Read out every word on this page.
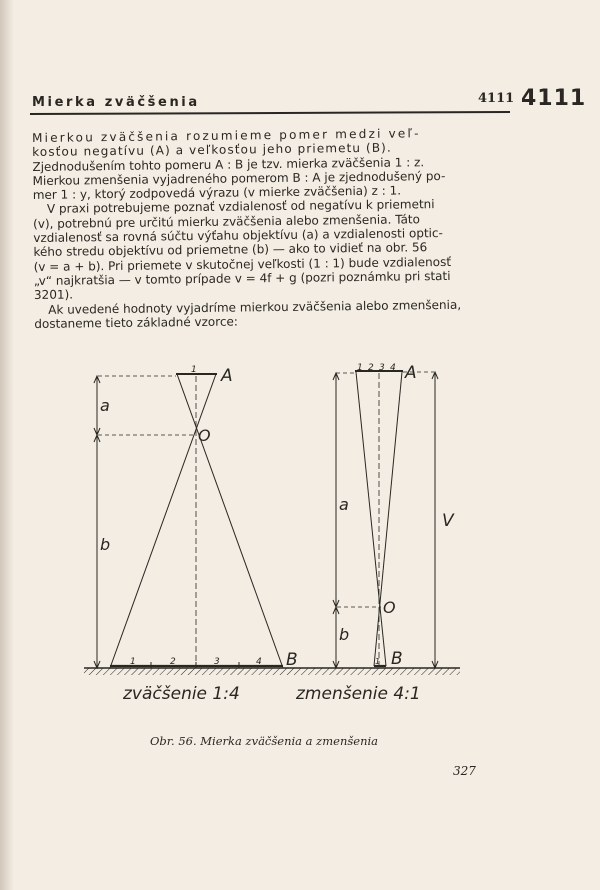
Mierka zväčšenia	4111 4111

Mierkou zväčšenia rozumieme pomer medzi veľ-
kosťou negatívu (A) a veľkosťou jeho priemetu (B).
Zjednodušením tohto pomeru A : B je tzv. mierka zväčšenia 1 : z.
Mierkou zmenšenia vyjadreného pomerom B : A je zjednodušený po-
mer 1 : y, ktorý zodpovedá výrazu (v mierke zväčšenia) z : 1.

V praxi potrebujeme poznať vzdialenosť od negatívu k priemetni
(v), potrebnú pre určitú mierku zväčšenia alebo zmenšenia. Táto
vzdialenosť sa rovná súčtu výťahu objektívu (a) a vzdialenosti optic-
kého stredu objektívu od priemetne (b) — ako to vidieť na obr. 56
(v = a + b). Pri priemete v skutočnej veľkosti (1 : 1) bude vzdialenosť
„v“ najkratšia — v tomto prípade v = 4f + g (pozri poznámku pri stati
3201).

Ak uvedené hodnoty vyjadríme mierkou zväčšenia alebo zmenšenia,
dostaneme tieto základné vzorce:

A
O
B
a
b
1
1	2	3	4
A
O
B
a
b
V
1 2 3 4
1
zväčšenie 1:4	zmenšenie 4:1
Obr. 56. Mierka zväčšenia a zmenšenia
327
